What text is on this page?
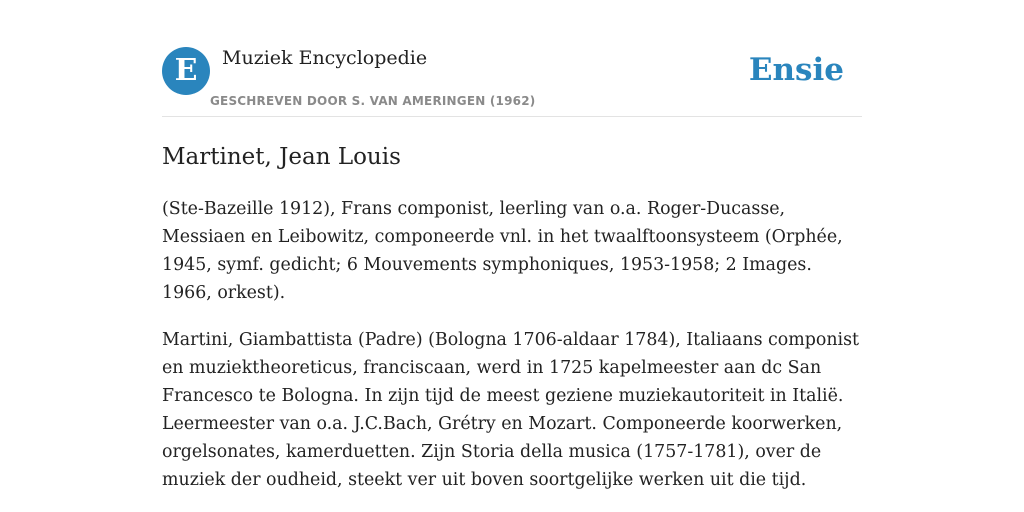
E	Muziek Encyclopedie
GESCHREVEN DOOR S. VAN AMERINGEN (1962)
Ensie
Martinet, Jean Louis

(Ste-Bazeille 1912), Frans componist, leerling van o.a. Roger-Ducasse, Messiaen en Leibowitz, componeerde vnl. in het twaalftoonsysteem (Orphée, 1945, symf. gedicht; 6 Mouvements symphoniques, 1953-1958; 2 Images. 1966, orkest).

Martini, Giambattista (Padre) (Bologna 1706-aldaar 1784), Italiaans componist en muziektheoreticus, franciscaan, werd in 1725 kapelmeester aan dc San Francesco te Bologna. In zijn tijd de meest geziene muziekautoriteit in Italië. Leermeester van o.a. J.C.Bach, Grétry en Mozart. Componeerde koorwerken, orgelsonates, kamerduetten. Zijn Storia della musica (1757-1781), over de muziek der oudheid, steekt ver uit boven soortgelijke werken uit die tijd.
